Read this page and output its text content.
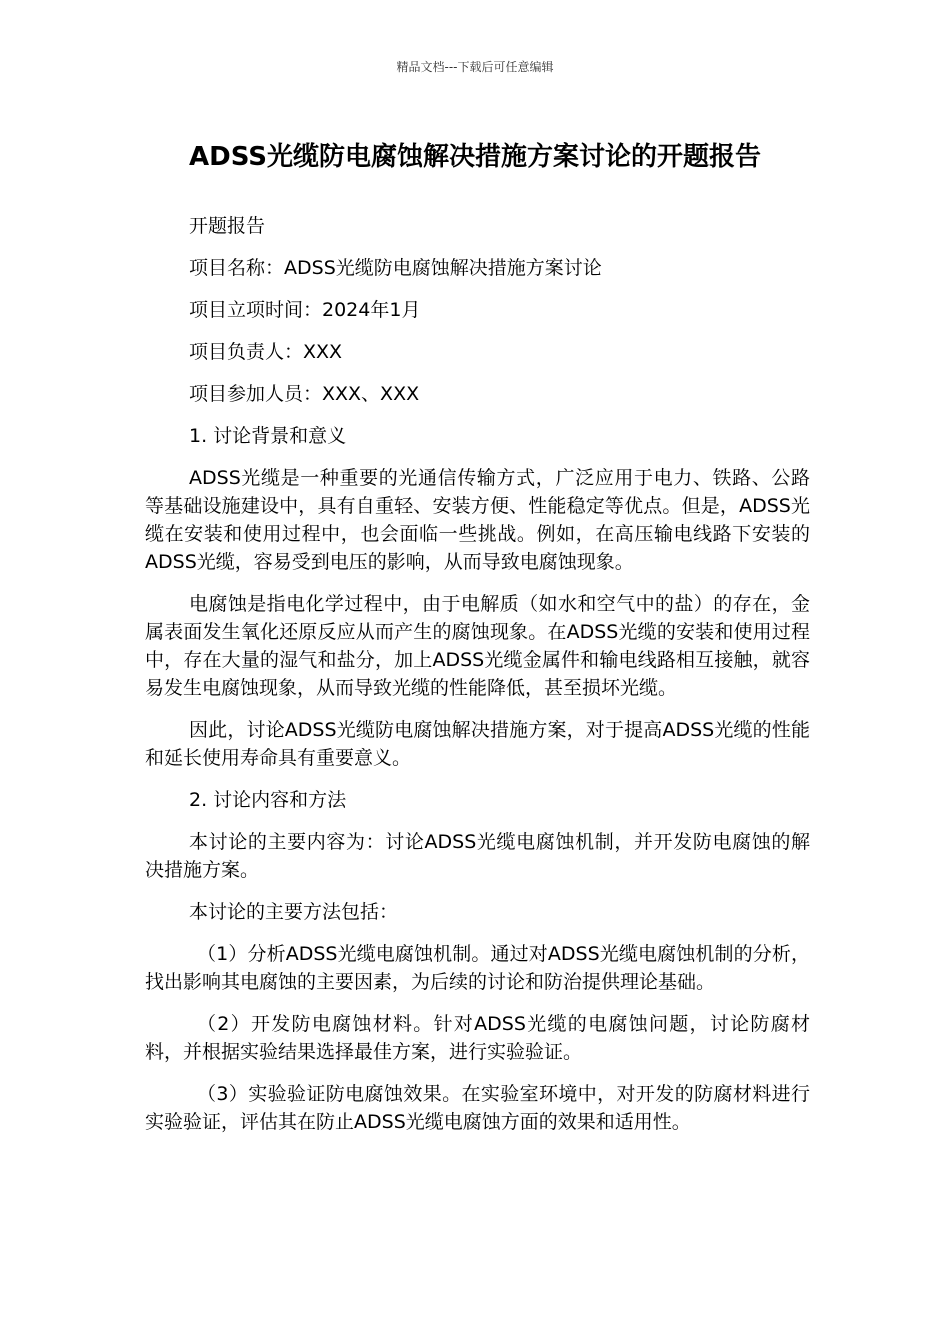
精品文档---下载后可任意编辑
ADSS光缆防电腐蚀解决措施方案讨论的开题报告
开题报告
项目名称：ADSS光缆防电腐蚀解决措施方案讨论
项目立项时间：2024年1月
项目负责人：XXX
项目参加人员：XXX、XXX
1. 讨论背景和意义

ADSS光缆是一种重要的光通信传输方式，广泛应用于电力、铁路、公路等基础设施建设中，具有自重轻、安装方便、性能稳定等优点。但是，ADSS光缆在安装和使用过程中，也会面临一些挑战。例如，在高压输电线路下安装的ADSS光缆，容易受到电压的影响，从而导致电腐蚀现象。

电腐蚀是指电化学过程中，由于电解质（如水和空气中的盐）的存在，金属表面发生氧化还原反应从而产生的腐蚀现象。在ADSS光缆的安装和使用过程中，存在大量的湿气和盐分，加上ADSS光缆金属件和输电线路相互接触，就容易发生电腐蚀现象，从而导致光缆的性能降低，甚至损坏光缆。

因此，讨论ADSS光缆防电腐蚀解决措施方案，对于提高ADSS光缆的性能和延长使用寿命具有重要意义。

2. 讨论内容和方法

本讨论的主要内容为：讨论ADSS光缆电腐蚀机制，并开发防电腐蚀的解决措施方案。

本讨论的主要方法包括：

（1）分析ADSS光缆电腐蚀机制。通过对ADSS光缆电腐蚀机制的分析，找出影响其电腐蚀的主要因素，为后续的讨论和防治提供理论基础。

（2）开发防电腐蚀材料。针对ADSS光缆的电腐蚀问题，讨论防腐材料，并根据实验结果选择最佳方案，进行实验验证。

（3）实验验证防电腐蚀效果。在实验室环境中，对开发的防腐材料进行实验验证，评估其在防止ADSS光缆电腐蚀方面的效果和适用性。
